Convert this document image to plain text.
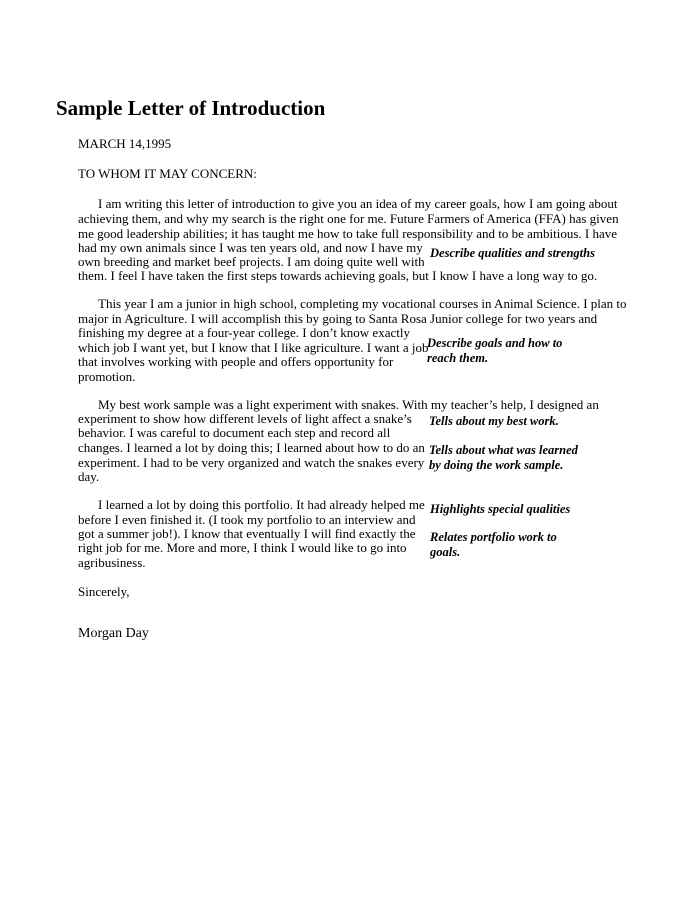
Sample Letter of Introduction

MARCH 14,1995

TO WHOM IT MAY CONCERN:

I am writing this letter of introduction to give you an idea of my career goals, how I am going about

achieving them, and why my search is the right one for me. Future Farmers of America (FFA) has given

me good leadership abilities; it has taught me how to take full responsibility and to be ambitious. I have

had my own animals since I was ten years old, and now I have my

own breeding and market beef projects. I am doing quite well with

them. I feel I have taken the first steps towards achieving goals, but I know I have a long way to go.

This year I am a junior in high school, completing my vocational courses in Animal Science. I plan to

major in Agriculture. I will accomplish this by going to Santa Rosa Junior college for two years and

finishing my degree at a four-year college. I don’t know exactly

which job I want yet, but I know that I like agriculture. I want a job

that involves working with people and offers opportunity for

promotion.

My best work sample was a light experiment with snakes. With my teacher’s help, I designed an

experiment to show how different levels of light affect a snake’s

behavior. I was careful to document each step and record all

changes. I learned a lot by doing this; I learned about how to do an

experiment. I had to be very organized and watch the snakes every

day.

I learned a lot by doing this portfolio. It had already helped me

before I even finished it. (I took my portfolio to an interview and

got a summer job!). I know that eventually I will find exactly the

right job for me. More and more, I think I would like to go into

agribusiness.

Describe qualities and strengths

Describe goals and how to

reach them.

Tells about my best work.

Tells about what was learned

by doing the work sample.

Highlights special qualities

Relates portfolio work to

goals.

Sincerely,

Morgan Day
